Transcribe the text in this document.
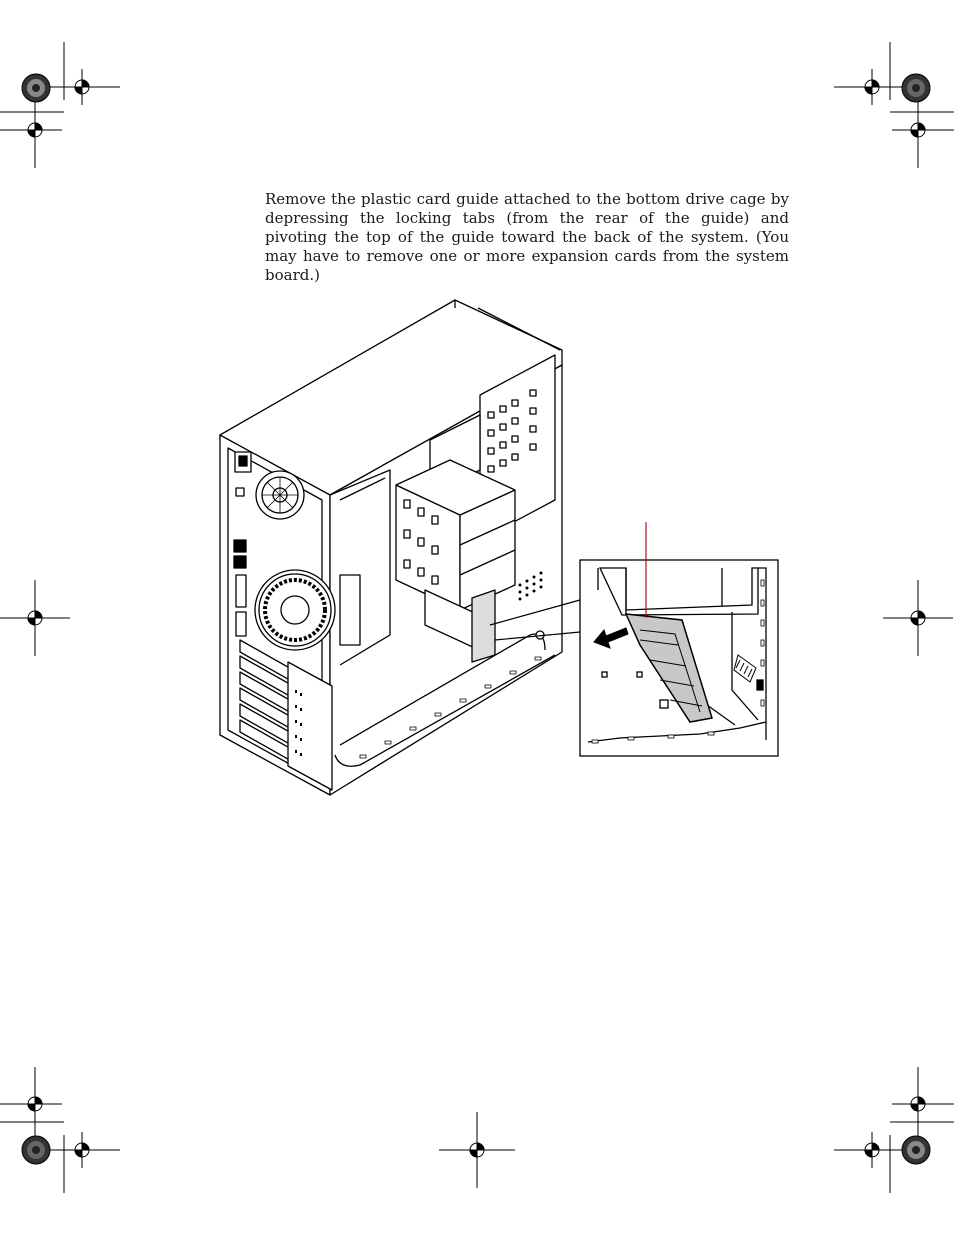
Remove the plastic card guide attached to the bottom drive cage by depressing the locking tabs (from the rear of the guide) and pivoting the top of the guide toward the back of the system. (You may have to remove one or more expansion cards from the system board.)
